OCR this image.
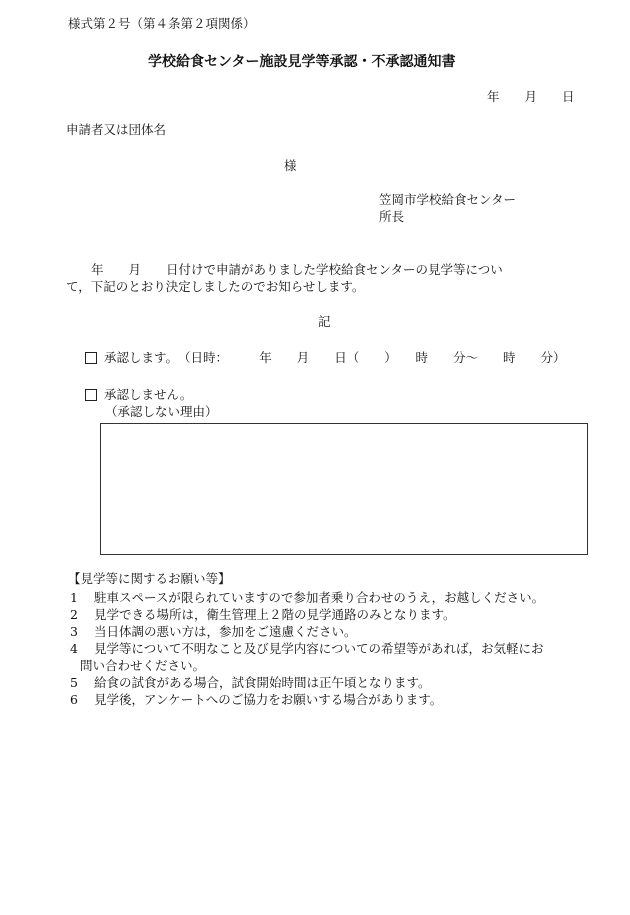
様式第２号（第４条第２項関係）
学校給食センター施設見学等承認・不承認通知書
年　　月　　日
申請者又は団体名
様
笠岡市学校給食センター
所長
　　年　　月　　日付けで申請がありました学校給食センターの見学等につい
て，下記のとおり決定しましたのでお知らせします。
記
承認します。 （日時：　　　年　　月　　日（　　）　　時　　分～　　時　　分）
承認しません。
（承認しない理由）
【見学等に関するお願い等】
1 駐車スペースが限られていますので参加者乗り合わせのうえ，お越しください。
2 見学できる場所は，衛生管理上２階の見学通路のみとなります。
3 当日体調の悪い方は，参加をご遠慮ください。
4 見学等について不明なこと及び見学内容についての希望等があれば，お気軽にお
問い合わせください。
5 給食の試食がある場合，試食開始時間は正午頃となります。
6 見学後，アンケートへのご協力をお願いする場合があります。
